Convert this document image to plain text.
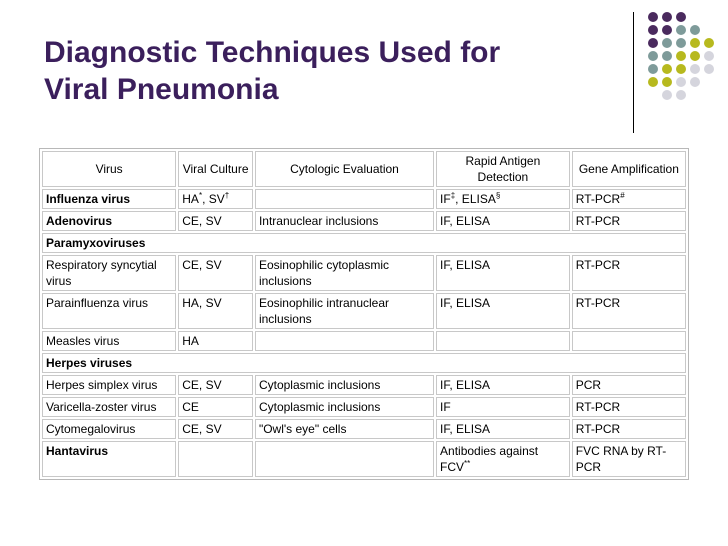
Diagnostic Techniques Used for
Viral Pneumonia
Virus	Viral Culture	Cytologic Evaluation	Rapid Antigen Detection	Gene Amplification
Influenza virus	HA*, SV†		IF‡, ELISA§	RT-PCR#
Adenovirus	CE, SV	Intranuclear inclusions	IF, ELISA	RT-PCR
Paramyxoviruses				
Respiratory syncytial virus	CE, SV	Eosinophilic cytoplasmic inclusions	IF, ELISA	RT-PCR
Parainfluenza virus	HA, SV	Eosinophilic intranuclear inclusions	IF, ELISA	RT-PCR
Measles virus	HA			
Herpes viruses				
Herpes simplex virus	CE, SV	Cytoplasmic inclusions	IF, ELISA	PCR
Varicella-zoster virus	CE	Cytoplasmic inclusions	IF	RT-PCR
Cytomegalovirus	CE, SV	"Owl's eye" cells	IF, ELISA	RT-PCR
Hantavirus			Antibodies against FCV**	FVC RNA by RT-PCR
